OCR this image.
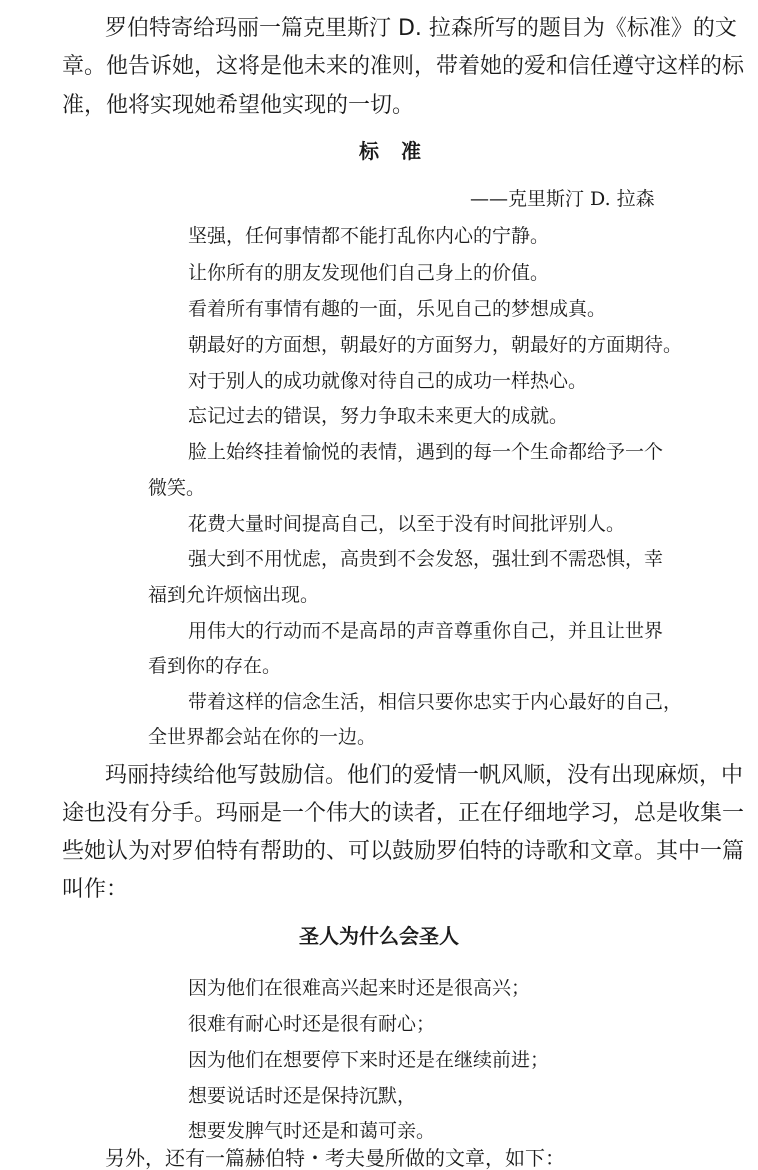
罗伯特寄给玛丽一篇克里斯汀 D. 拉森所写的题目为《标准》的文
章。他告诉她，这将是他未来的准则，带着她的爱和信任遵守这样的标
准，他将实现她希望他实现的一切。
标准
——克里斯汀 D. 拉森
坚强，任何事情都不能打乱你内心的宁静。
让你所有的朋友发现他们自己身上的价值。
看着所有事情有趣的一面，乐见自己的梦想成真。
朝最好的方面想，朝最好的方面努力，朝最好的方面期待。
对于别人的成功就像对待自己的成功一样热心。
忘记过去的错误，努力争取未来更大的成就。
脸上始终挂着愉悦的表情，遇到的每一个生命都给予一个
微笑。
花费大量时间提高自己，以至于没有时间批评别人。
强大到不用忧虑，高贵到不会发怒，强壮到不需恐惧，幸
福到允许烦恼出现。
用伟大的行动而不是高昂的声音尊重你自己，并且让世界
看到你的存在。
带着这样的信念生活，相信只要你忠实于内心最好的自己，
全世界都会站在你的一边。
玛丽持续给他写鼓励信。他们的爱情一帆风顺，没有出现麻烦，中
途也没有分手。玛丽是一个伟大的读者，正在仔细地学习，总是收集一
些她认为对罗伯特有帮助的、可以鼓励罗伯特的诗歌和文章。其中一篇
叫作：
圣人为什么会圣人
因为他们在很难高兴起来时还是很高兴；
很难有耐心时还是很有耐心；
因为他们在想要停下来时还是在继续前进；
想要说话时还是保持沉默，
想要发脾气时还是和蔼可亲。
另外，还有一篇赫伯特・考夫曼所做的文章，如下：
